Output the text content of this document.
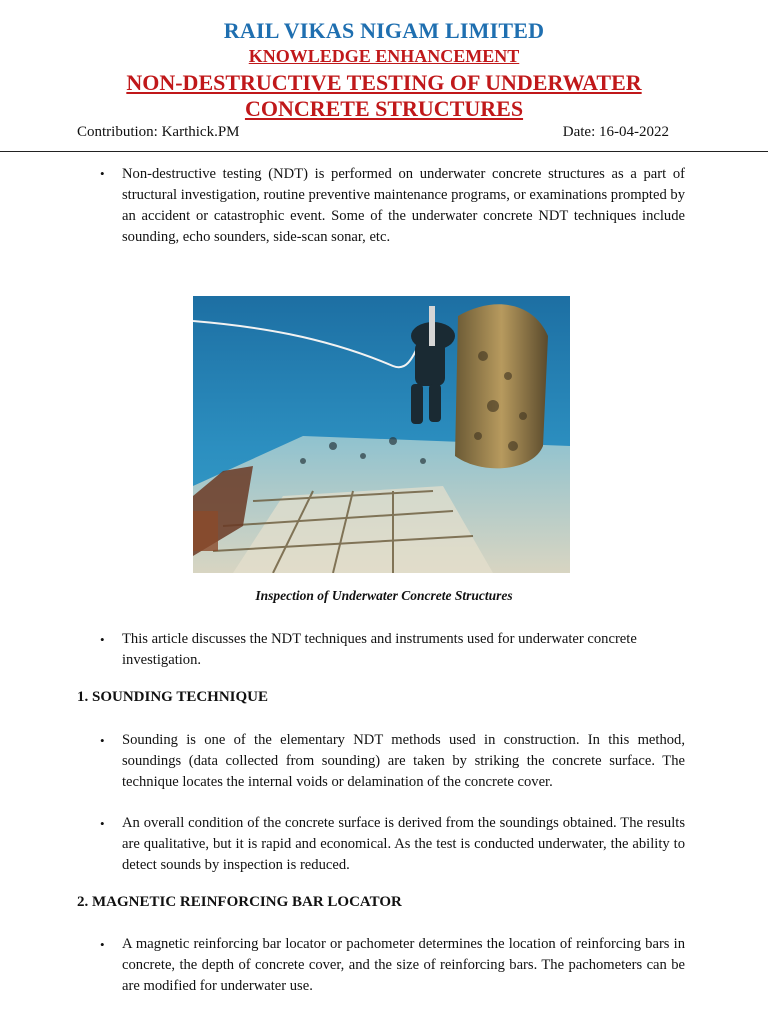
RAIL VIKAS NIGAM LIMITED
KNOWLEDGE ENHANCEMENT
NON-DESTRUCTIVE TESTING OF UNDERWATER
CONCRETE STRUCTURES
Contribution: Karthick.PM	Date: 16-04-2022
•
Non-destructive testing (NDT) is performed on underwater concrete structures as a part of structural investigation, routine preventive maintenance programs, or examinations prompted by an accident or catastrophic event. Some of the underwater concrete NDT techniques include sounding, echo sounders, side-scan sonar, etc.
Inspection of Underwater Concrete Structures
•
This article discusses the NDT techniques and instruments used for underwater concrete investigation.
1. SOUNDING TECHNIQUE
•
Sounding is one of the elementary NDT methods used in construction. In this method, soundings (data collected from sounding) are taken by striking the concrete surface. The technique locates the internal voids or delamination of the concrete cover.
•
An overall condition of the concrete surface is derived from the soundings obtained. The results are qualitative, but it is rapid and economical. As the test is conducted underwater, the ability to detect sounds by inspection is reduced.
2. MAGNETIC REINFORCING BAR LOCATOR
•
A magnetic reinforcing bar locator or pachometer determines the location of reinforcing bars in concrete, the depth of concrete cover, and the size of reinforcing bars. The pachometers can be are modified for underwater use.
